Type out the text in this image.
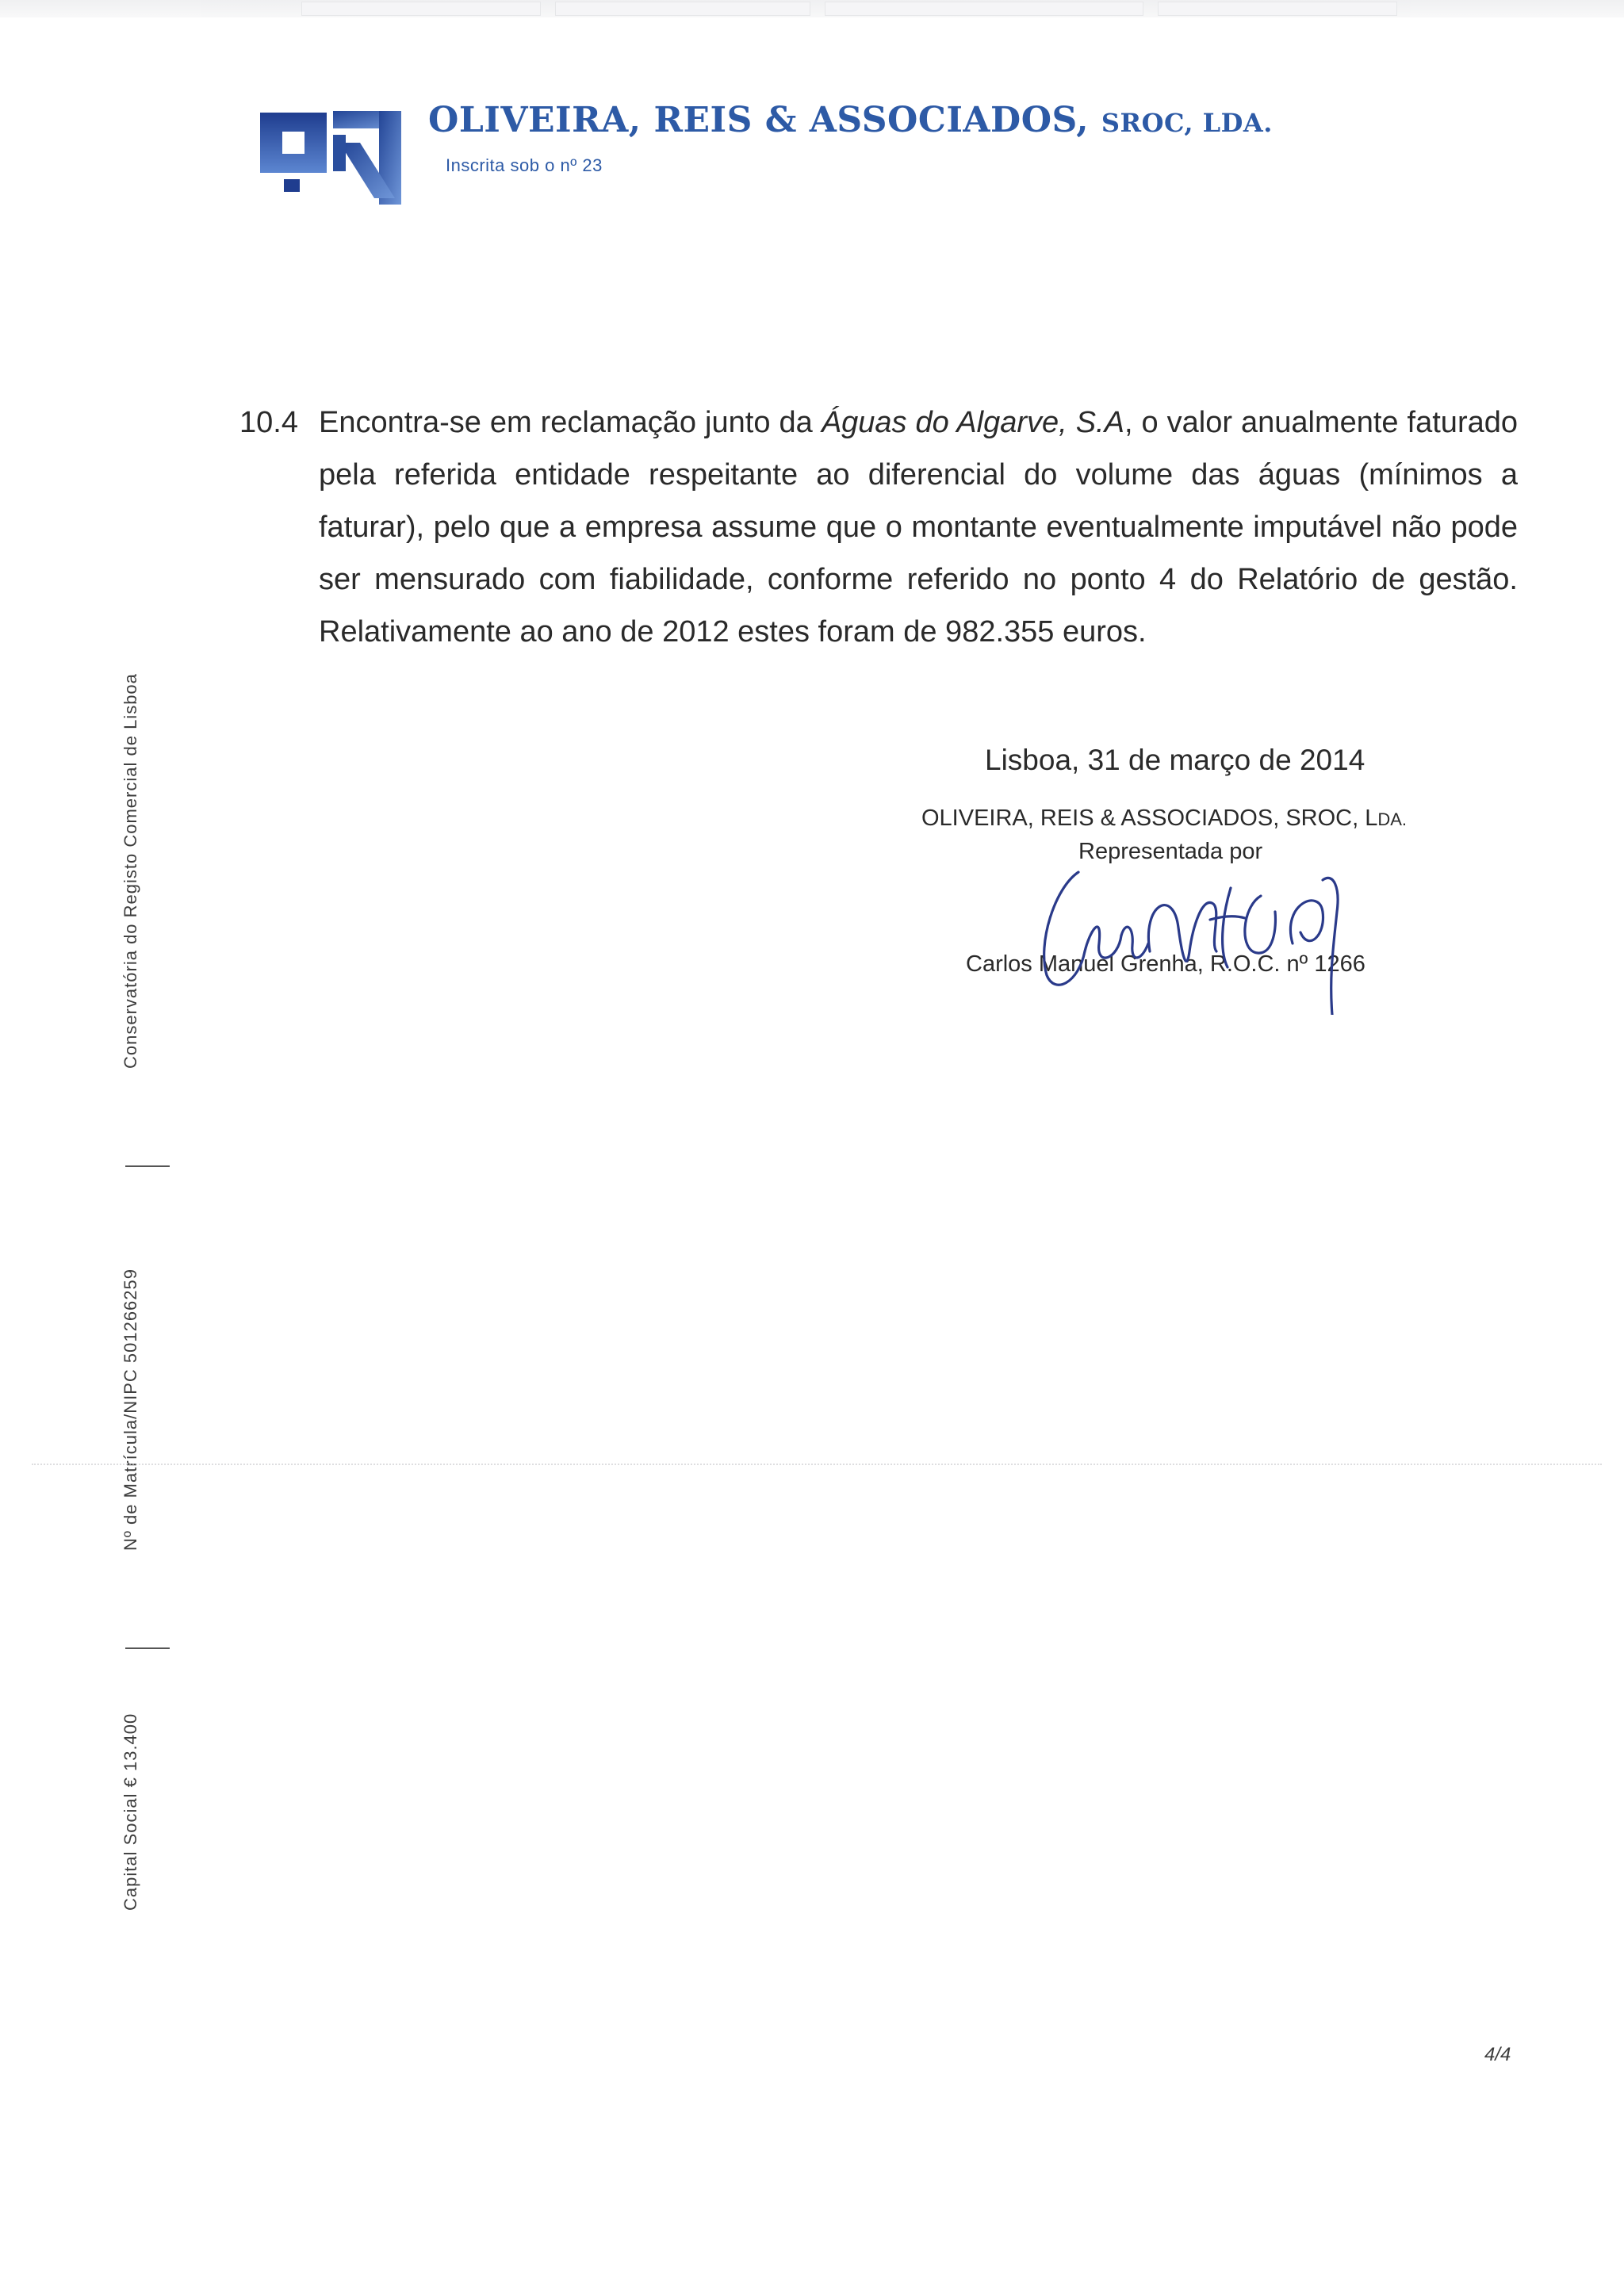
OLIVEIRA, REIS & ASSOCIADOS, SROC, LDA.
Inscrita sob o nº 23
10.4 Encontra-se em reclamação junto da Águas do Algarve, S.A, o valor anualmente faturado pela referida entidade respeitante ao diferencial do volume das águas (mínimos a faturar), pelo que a empresa assume que o montante eventualmente imputável não pode ser mensurado com fiabilidade, conforme referido no ponto 4 do Relatório de gestão. Relativamente ao ano de 2012 estes foram de 982.355 euros.
Lisboa, 31 de março de 2014
OLIVEIRA, REIS & ASSOCIADOS, SROC, LDA.
Representada por
Carlos Manuel Grenha, R.O.C. nº 1266
Conservatória do Registo Comercial de Lisboa
Nº de Matrícula/NIPC 501266259
Capital Social € 13.400
4/4
